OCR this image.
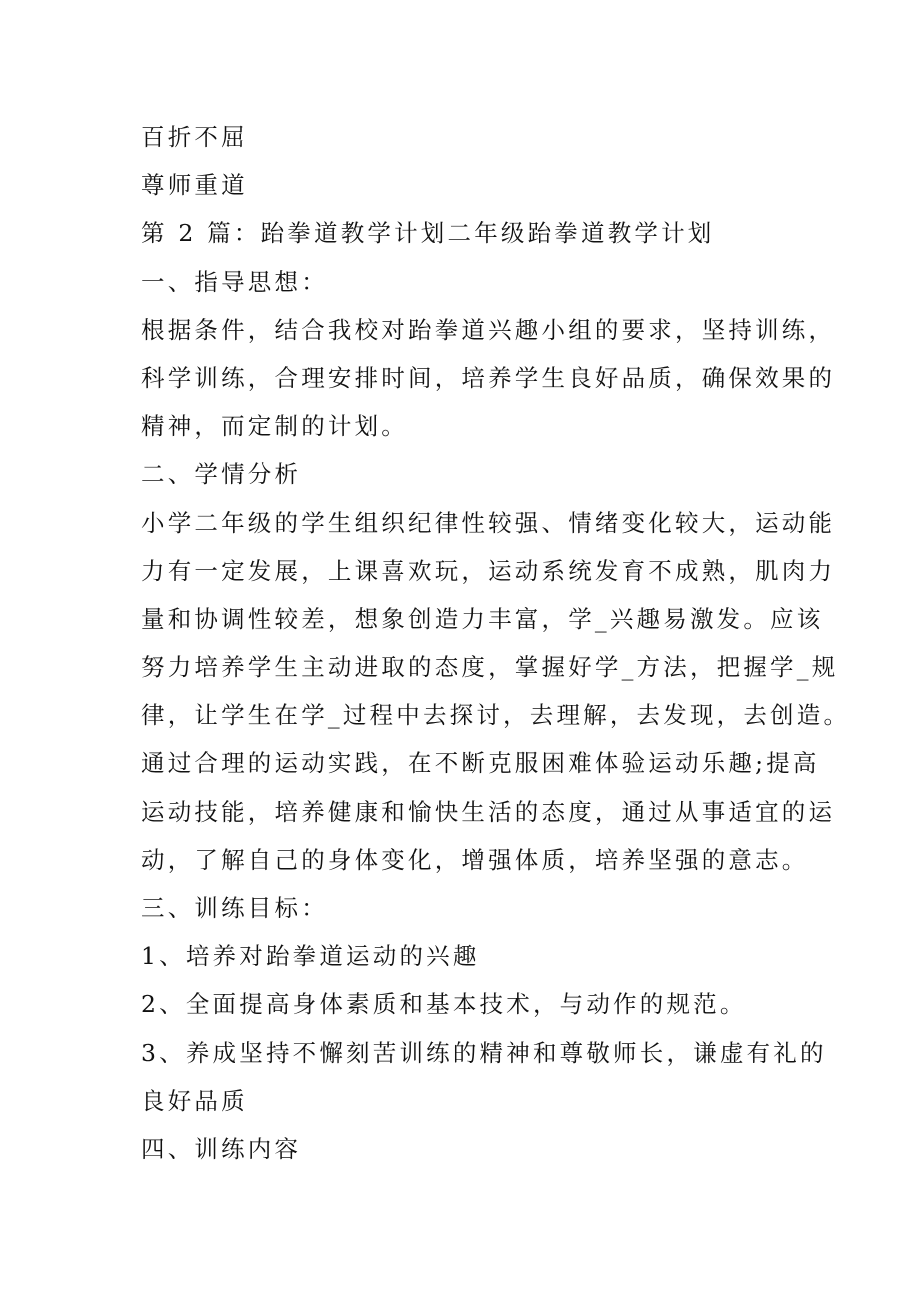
百折不屈

尊师重道

第 2 篇：跆拳道教学计划二年级跆拳道教学计划

一、指导思想：

根据条件，结合我校对跆拳道兴趣小组的要求，坚持训练，

科学训练，合理安排时间，培养学生良好品质，确保效果的

精神，而定制的计划。

二、学情分析

小学二年级的学生组织纪律性较强、情绪变化较大，运动能

力有一定发展，上课喜欢玩，运动系统发育不成熟，肌肉力

量和协调性较差，想象创造力丰富，学_兴趣易激发。应该

努力培养学生主动进取的态度，掌握好学_方法，把握学_规

律，让学生在学_过程中去探讨，去理解，去发现，去创造。

通过合理的运动实践，在不断克服困难体验运动乐趣;提高

运动技能，培养健康和愉快生活的态度，通过从事适宜的运

动，了解自己的身体变化，增强体质，培养坚强的意志。

三、训练目标：

1、培养对跆拳道运动的兴趣

2、全面提高身体素质和基本技术，与动作的规范。

3、养成坚持不懈刻苦训练的精神和尊敬师长，谦虚有礼的

良好品质

四、训练内容
